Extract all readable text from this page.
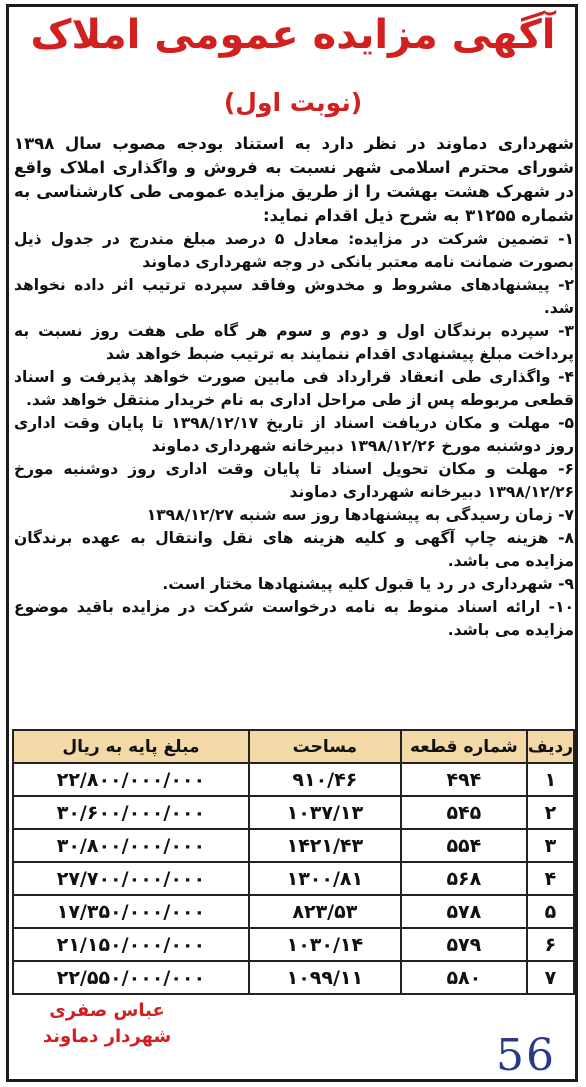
آگهی مزایده عمومی املاک
(نوبت اول)

شهرداری دماوند در نظر دارد به استناد بودجه مصوب سال ۱۳۹۸ شورای محترم اسلامی شهر نسبت به فروش و واگذاری املاک واقع در شهرک هشت بهشت را از طریق مزایده عمومی طی کارشناسی به شماره ۳۱۲۵۵ به شرح ذیل اقدام نماید:

۱- تضمین شرکت در مزایده: معادل ۵ درصد مبلغ مندرج در جدول ذیل بصورت ضمانت نامه معتبر بانکی در وجه شهرداری دماوند

۲- پیشنهادهای مشروط و مخدوش وفاقد سپرده ترتیب اثر داده نخواهد شد.

۳- سپرده برندگان اول و دوم و سوم هر گاه طی هفت روز نسبت به پرداخت مبلغ پیشنهادی اقدام ننمایند به ترتیب ضبط خواهد شد

۴- واگذاری طی انعقاد قرارداد فی مابین صورت خواهد پذیرفت و اسناد قطعی مربوطه پس از طی مراحل اداری به نام خریدار منتقل خواهد شد.

۵- مهلت و مکان دریافت اسناد از تاریخ ۱۳۹۸/۱۲/۱۷ تا پایان وقت اداری روز دوشنبه مورخ ۱۳۹۸/۱۲/۲۶ دبیرخانه شهرداری دماوند

۶- مهلت و مکان تحویل اسناد تا پایان وقت اداری روز دوشنبه مورخ ۱۳۹۸/۱۲/۲۶ دبیرخانه شهرداری دماوند

۷- زمان رسیدگی به پیشنهادها روز سه شنبه ۱۳۹۸/۱۲/۲۷

۸- هزینه چاپ آگهی و کلیه هزینه های نقل وانتقال به عهده برندگان مزایده می باشد.

۹- شهرداری در رد یا قبول کلیه پیشنهادها مختار است.

۱۰- ارائه اسناد منوط به نامه درخواست شرکت در مزایده باقید موضوع مزایده می باشد.

ردیف	شماره قطعه	مساحت	مبلغ پایه به ریال
۱	۴۹۴	۹۱۰/۴۶	۲۲/۸۰۰/۰۰۰/۰۰۰
۲	۵۴۵	۱۰۳۷/۱۳	۳۰/۶۰۰/۰۰۰/۰۰۰
۳	۵۵۴	۱۴۲۱/۴۳	۳۰/۸۰۰/۰۰۰/۰۰۰
۴	۵۶۸	۱۳۰۰/۸۱	۲۷/۷۰۰/۰۰۰/۰۰۰
۵	۵۷۸	۸۲۳/۵۳	۱۷/۳۵۰/۰۰۰/۰۰۰
۶	۵۷۹	۱۰۳۰/۱۴	۲۱/۱۵۰/۰۰۰/۰۰۰
۷	۵۸۰	۱۰۹۹/۱۱	۲۲/۵۵۰/۰۰۰/۰۰۰
عباس صفری
شهردار دماوند	56
